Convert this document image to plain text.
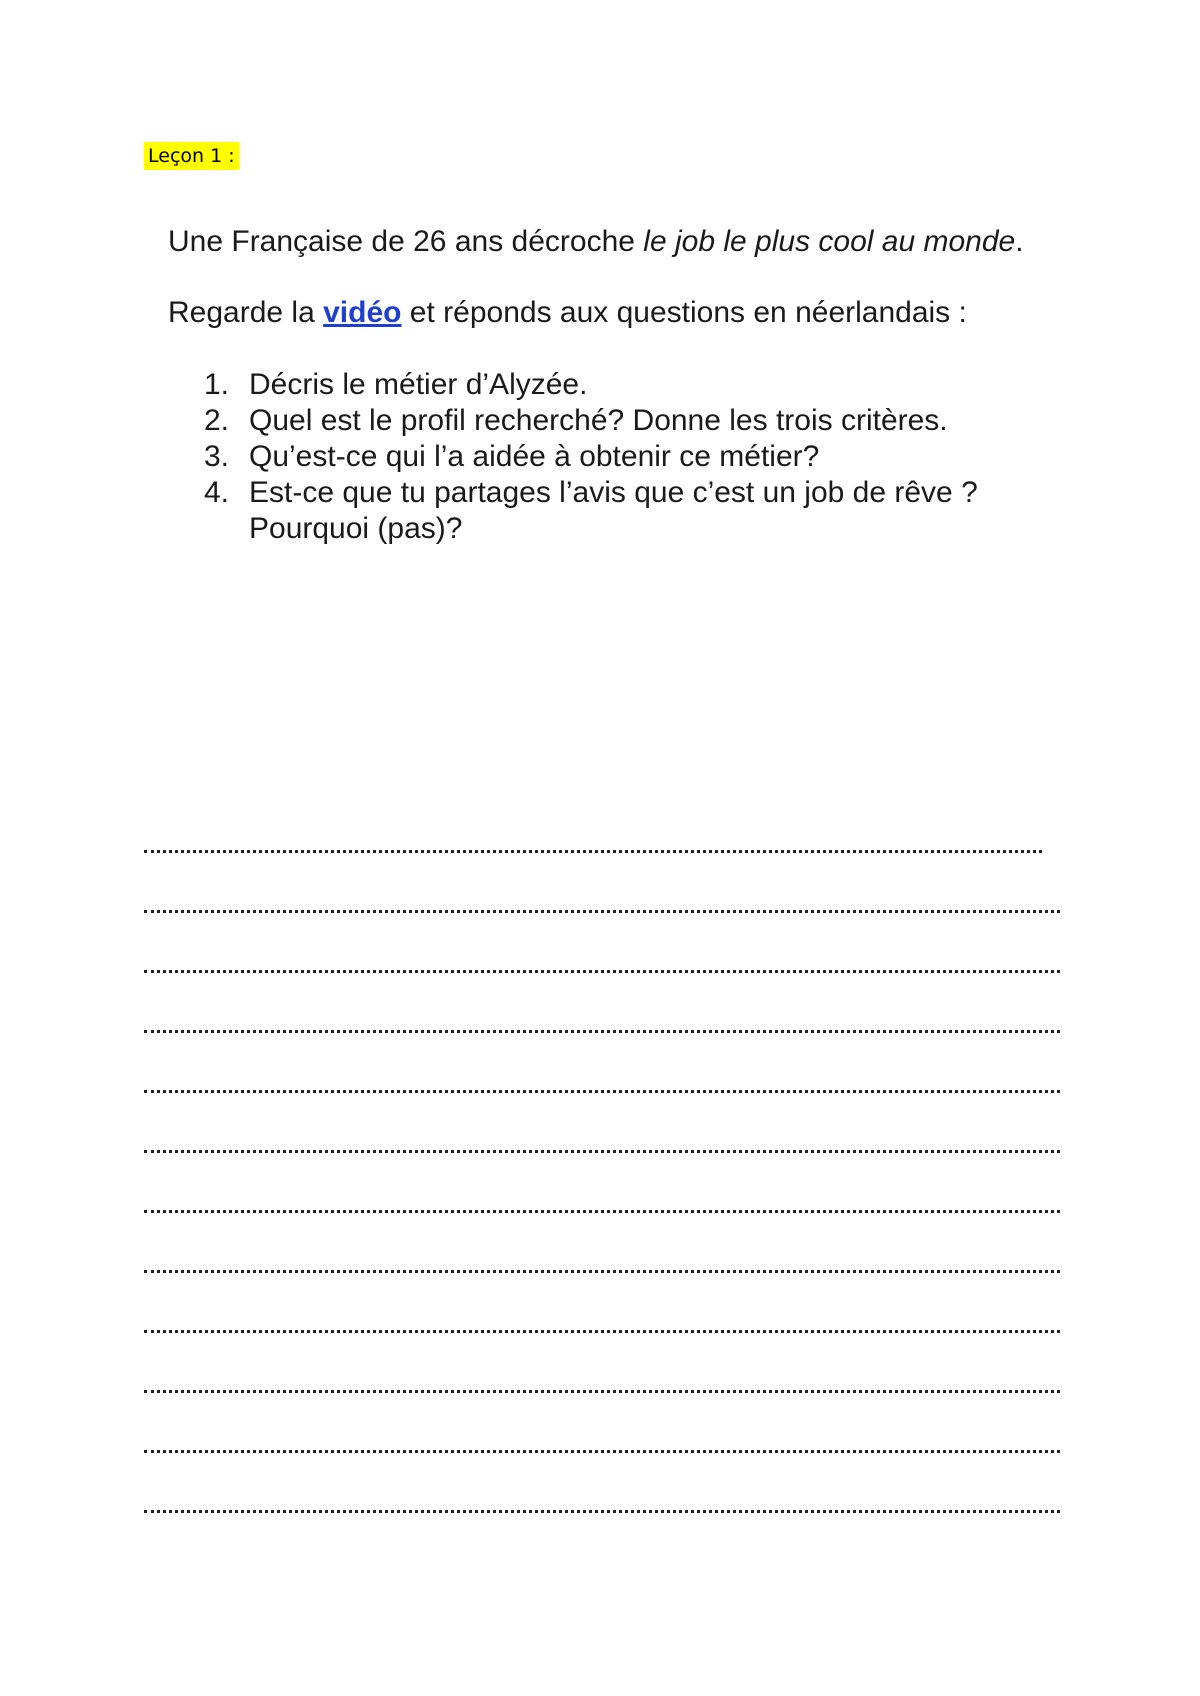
Leçon 1 :

Une Française de 26 ans décroche le job le plus cool au monde.

Regarde la vidéo et réponds aux questions en néerlandais :

1. Décris le métier d’Alyzée.
2. Quel est le profil recherché? Donne les trois critères.
3. Qu’est-ce qui l’a aidée à obtenir ce métier?
4. Est-ce que tu partages l’avis que c’est un job de rêve ? Pourquoi (pas)?
